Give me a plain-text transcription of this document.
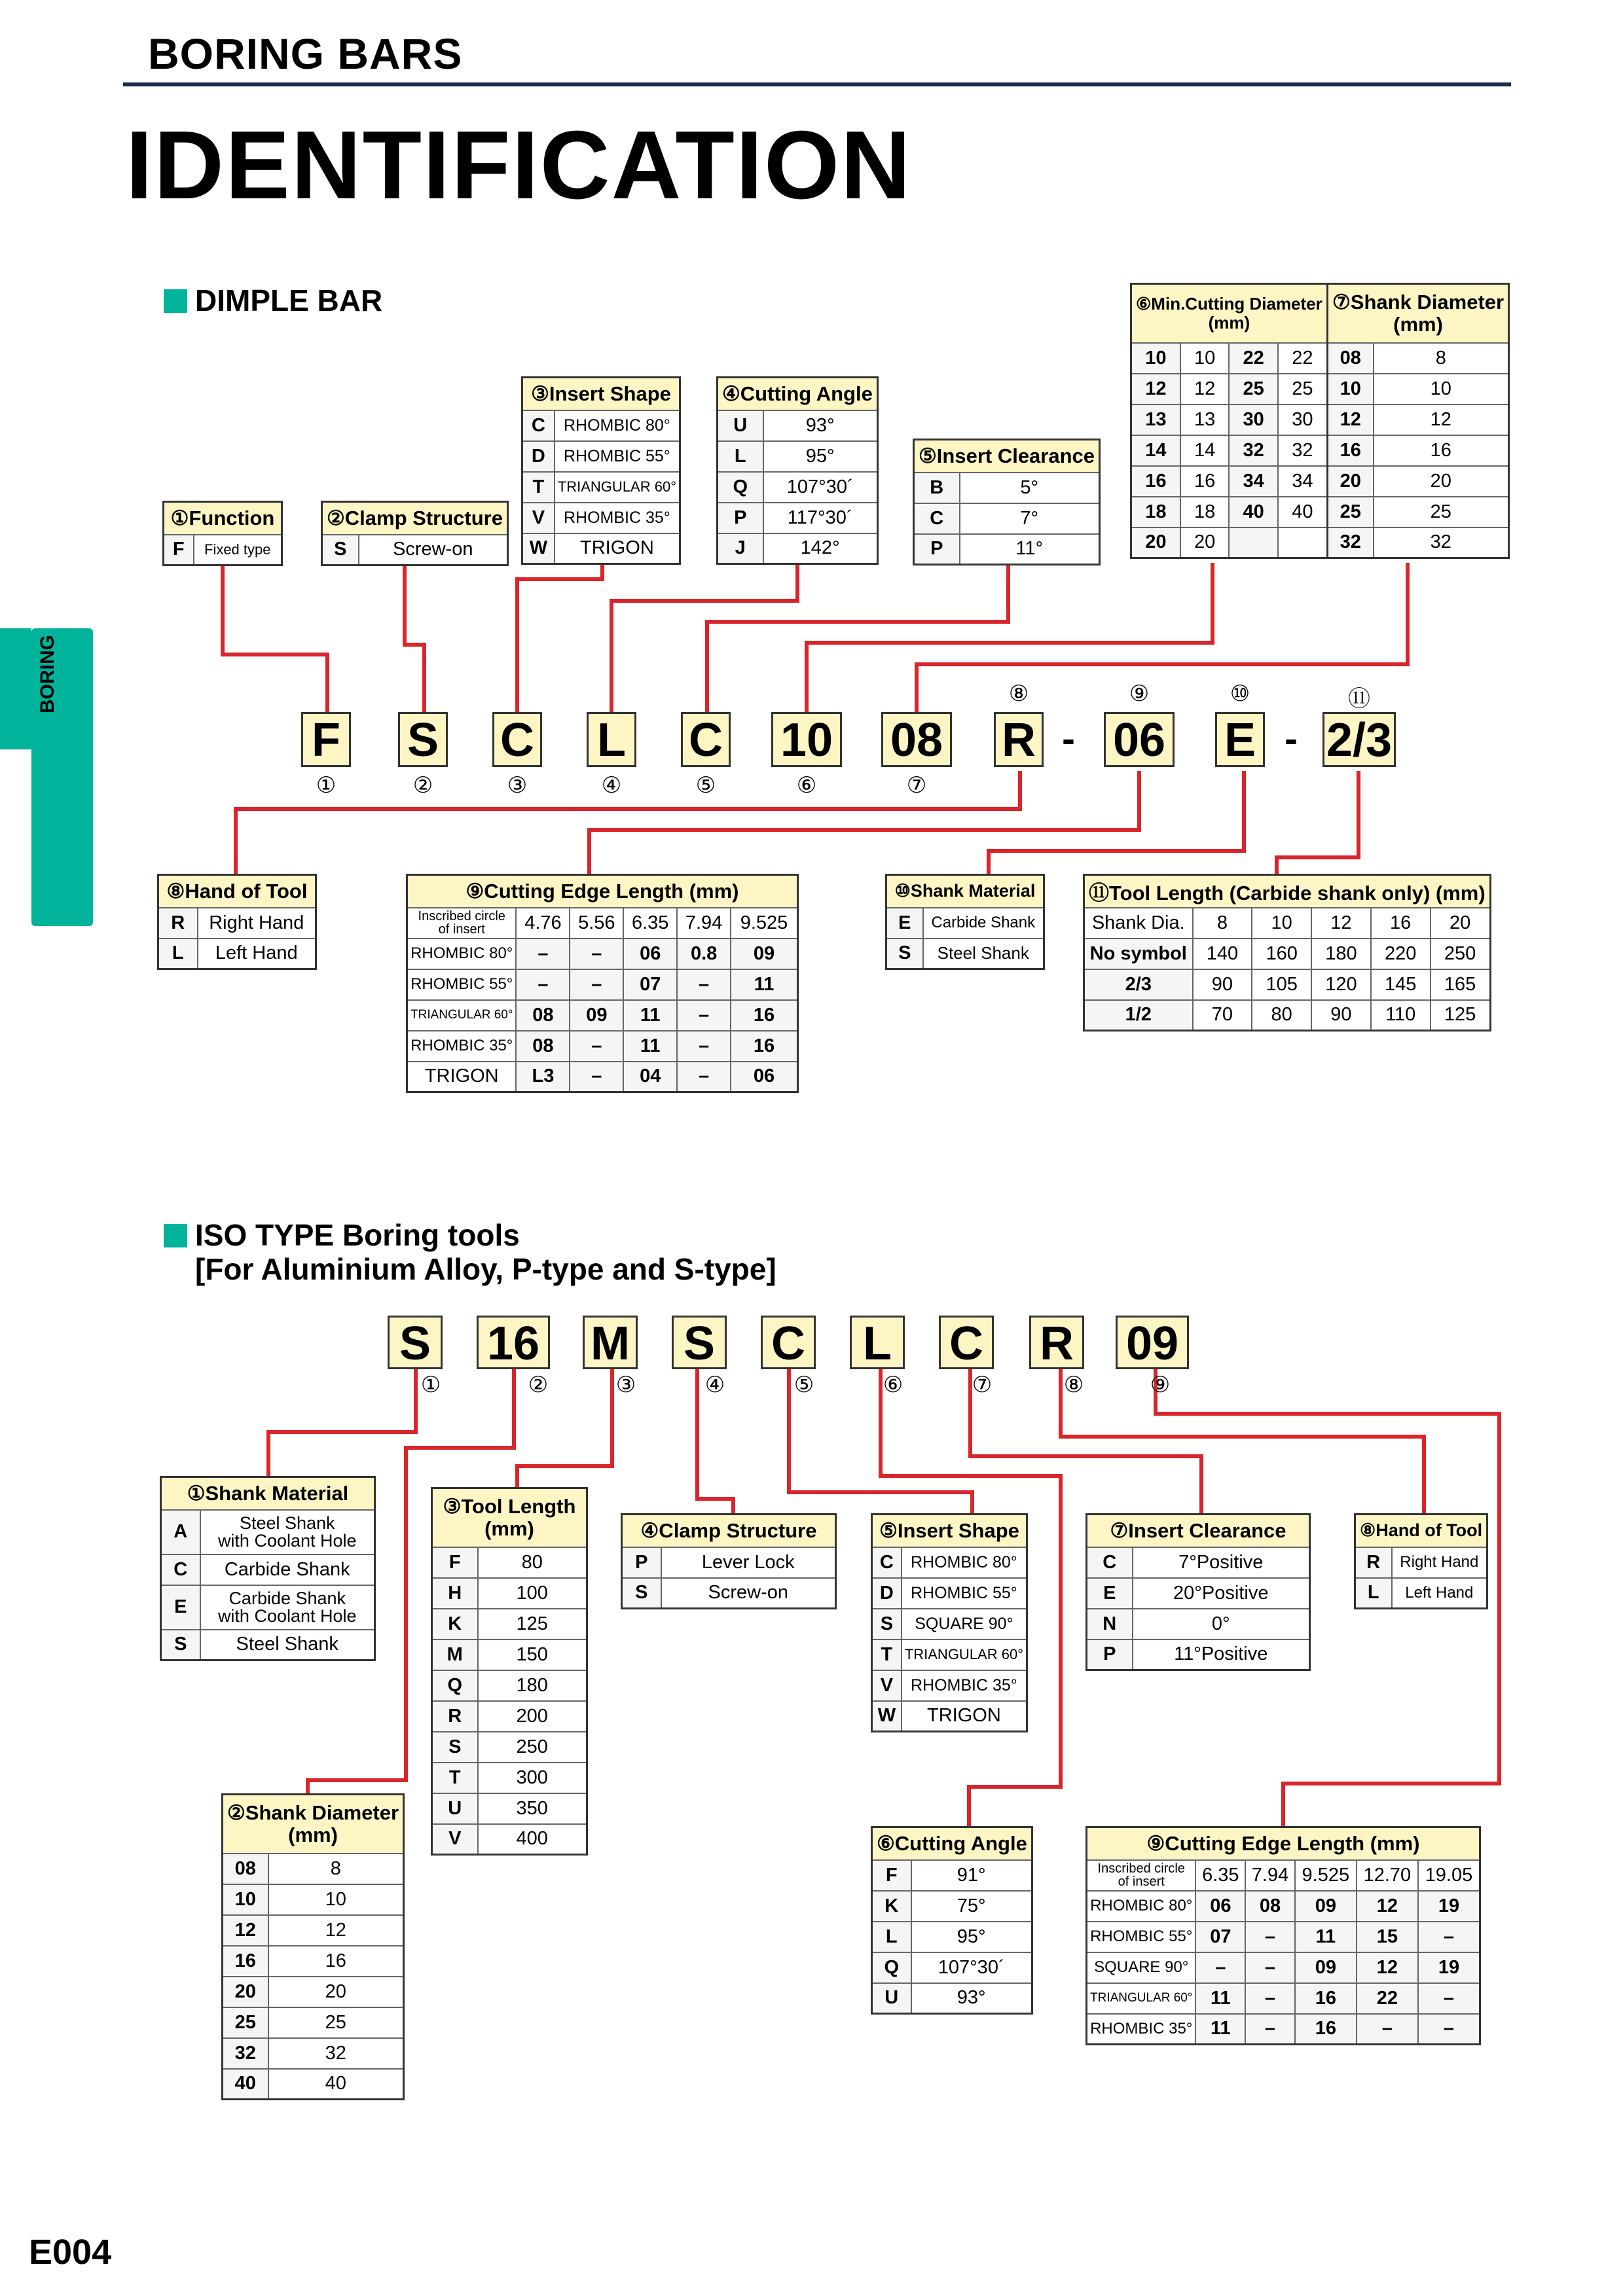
BORING BARS
IDENTIFICATION
BORING
DIMPLE BAR
①Function
F	Fixed type
②Clamp Structure
S	Screw-on
③Insert Shape	
C	RHOMBIC 80°
D	RHOMBIC 55°
T	TRIANGULAR 60°
V	RHOMBIC 35°
W	TRIGON
④Cutting Angle	
U	93°
L	95°
Q	107°30´
P	117°30´
J	142°
⑤Insert Clearance	
B	5°
C	7°
P	11°
⑥Min.Cutting Diameter
(mm)			
10	10	22	22
12	12	25	25
13	13	30	30
14	14	32	32
16	16	34	34
18	18	40	40
20	20		
⑦Shank Diameter
(mm)	
08	8
10	10
12	12
16	16
20	20
25	25
32	32
F S C L C 10 08 R - 06 E - 2/3
①	②	③	④	⑤	⑥	⑦
⑧	⑨	⑩	⑪
⑧Hand of Tool	
R	Right Hand
L	Left Hand
⑨Cutting Edge Length (mm)					
Inscribed circle
of insert	4.76	5.56	6.35	7.94	9.525
RHOMBIC 80°	–	–	06	0.8	09
RHOMBIC 55°	–	–	07	–	11
TRIANGULAR 60°	08	09	11	–	16
RHOMBIC 35°	08	–	11	–	16
TRIGON	L3	–	04	–	06
⑩Shank Material	
E	Carbide Shank
S	Steel Shank
⑪Tool Length (Carbide shank only) (mm)					
Shank Dia.	8	10	12	16	20
No symbol	140	160	180	220	250
2/3	90	105	120	145	165
1/2	70	80	90	110	125
ISO TYPE Boring tools
[For Aluminium Alloy, P-type and S-type]
S 16 M S C L C R 09
①	②	③	④	⑤	⑥	⑦	⑧	⑨
①Shank Material	
A	Steel Shank
with Coolant Hole
C	Carbide Shank
E	Carbide Shank
with Coolant Hole
S	Steel Shank
②Shank Diameter
(mm)	
08	8
10	10
12	12
16	16
20	20
25	25
32	32
40	40
③Tool Length
(mm)	
F	80
H	100
K	125
M	150
Q	180
R	200
S	250
T	300
U	350
V	400
④Clamp Structure	
P	Lever Lock
S	Screw-on
⑤Insert Shape	
C	RHOMBIC 80°
D	RHOMBIC 55°
S	SQUARE 90°
T	TRIANGULAR 60°
V	RHOMBIC 35°
W	TRIGON
⑦Insert Clearance	
C	7°Positive
E	20°Positive
N	0°
P	11°Positive
⑧Hand of Tool	
R	Right Hand
L	Left Hand
⑥Cutting Angle	
F	91°
K	75°
L	95°
Q	107°30´
U	93°
⑨Cutting Edge Length (mm)					
Inscribed circle
of insert	6.35	7.94	9.525	12.70	19.05
RHOMBIC 80°	06	08	09	12	19
RHOMBIC 55°	07	–	11	15	–
SQUARE 90°	–	–	09	12	19
TRIANGULAR 60°	11	–	16	22	–
RHOMBIC 35°	11	–	16	–	–
E004
